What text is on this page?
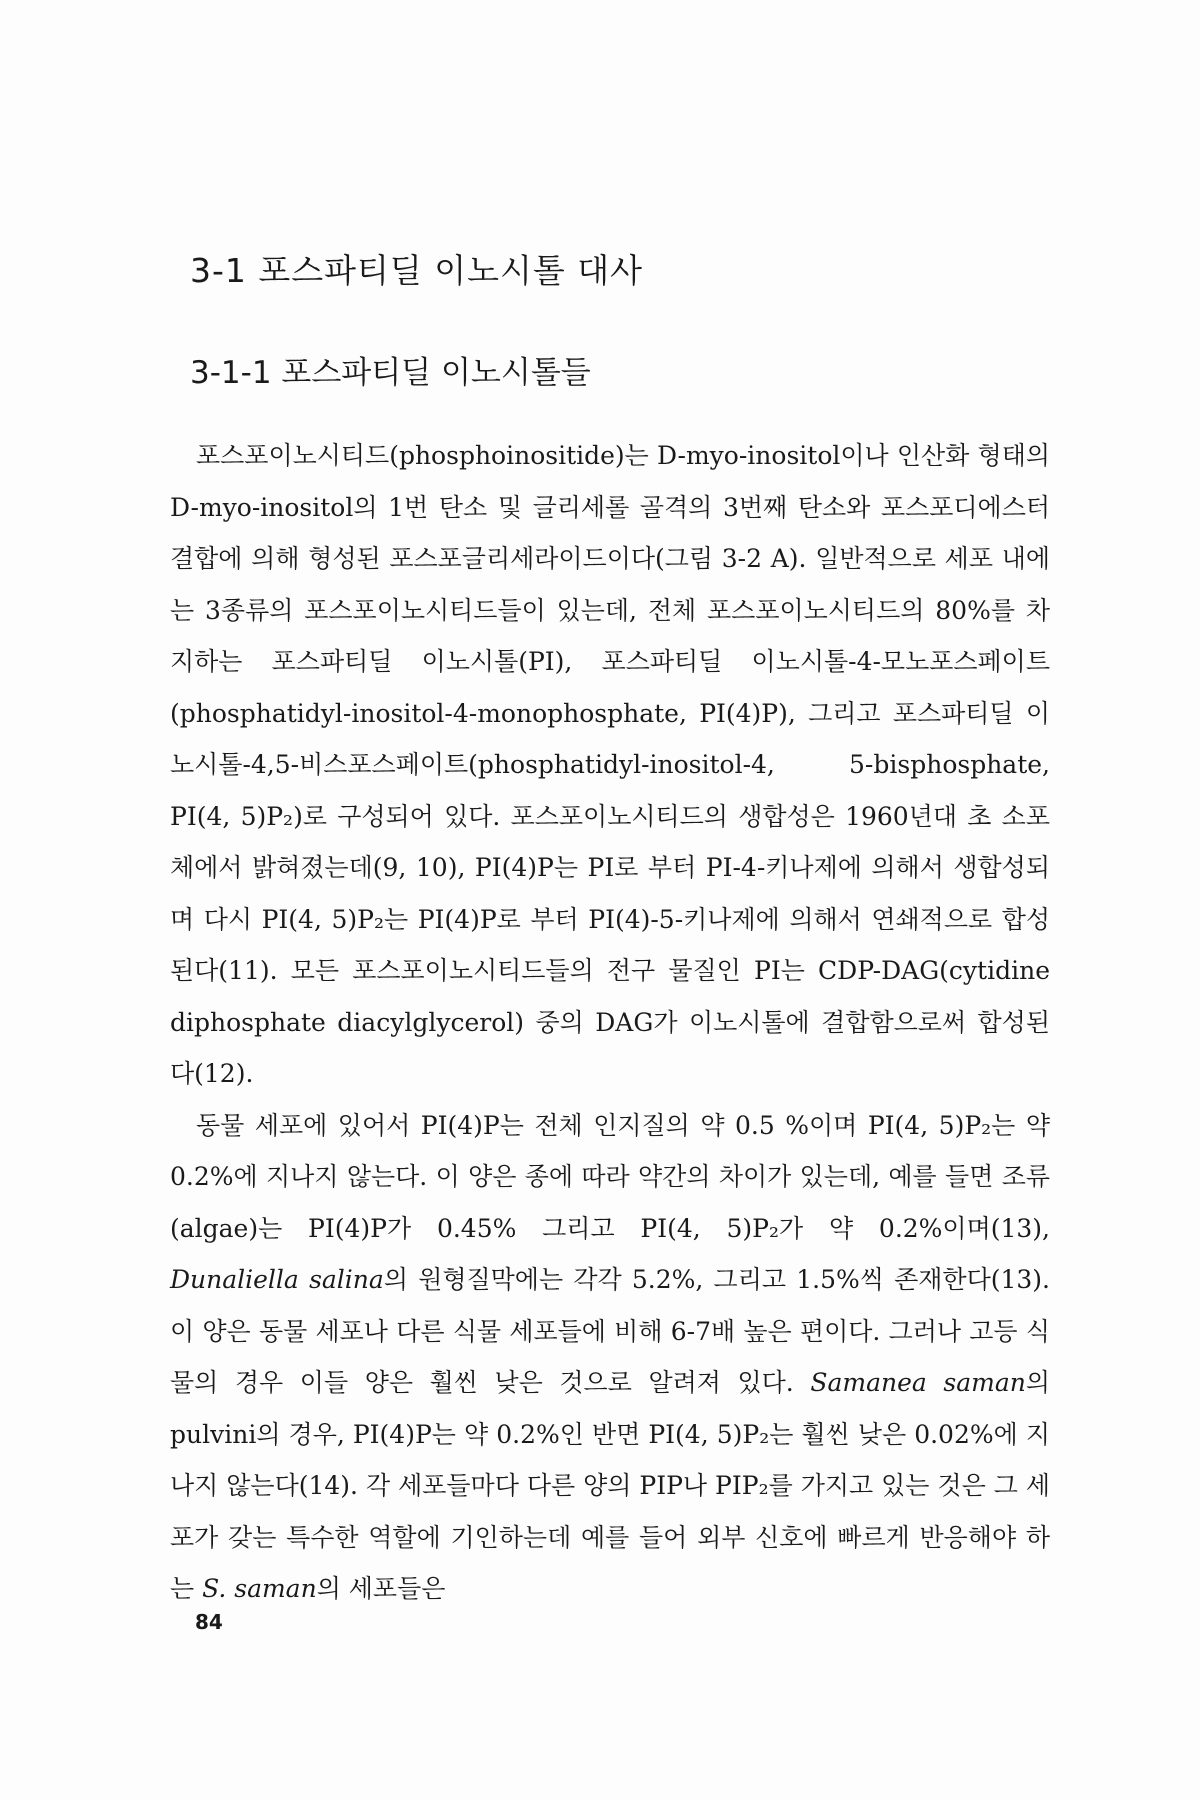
3-1 포스파티딜 이노시톨 대사
3-1-1 포스파티딜 이노시톨들

포스포이노시티드(phosphoinositide)는 D-myo-inositol이나 인산화 형태의 D-myo-inositol의 1번 탄소 및 글리세롤 골격의 3번째 탄소와 포스포디에스터 결합에 의해 형성된 포스포글리세라이드이다(그림 3-2 A). 일반적으로 세포 내에는 3종류의 포스포이노시티드들이 있는데, 전체 포스포이노시티드의 80%를 차지하는 포스파티딜 이노시톨(PI), 포스파티딜 이노시톨-4-모노포스페이트(phosphatidyl-inositol-4-monophosphate, PI(4)P), 그리고 포스파티딜 이노시톨-4,5-비스포스페이트(phosphatidyl-inositol-4, 5-bisphosphate, PI(4, 5)P₂)로 구성되어 있다. 포스포이노시티드의 생합성은 1960년대 초 소포체에서 밝혀졌는데(9, 10), PI(4)P는 PI로 부터 PI-4-키나제에 의해서 생합성되며 다시 PI(4, 5)P₂는 PI(4)P로 부터 PI(4)-5-키나제에 의해서 연쇄적으로 합성된다(11). 모든 포스포이노시티드들의 전구 물질인 PI는 CDP-DAG(cytidine diphosphate diacylglycerol) 중의 DAG가 이노시톨에 결합함으로써 합성된다(12).

동물 세포에 있어서 PI(4)P는 전체 인지질의 약 0.5 %이며 PI(4, 5)P₂는 약 0.2%에 지나지 않는다. 이 양은 종에 따라 약간의 차이가 있는데, 예를 들면 조류(algae)는 PI(4)P가 0.45% 그리고 PI(4, 5)P₂가 약 0.2%이며(13), Dunaliella salina의 원형질막에는 각각 5.2%, 그리고 1.5%씩 존재한다(13). 이 양은 동물 세포나 다른 식물 세포들에 비해 6-7배 높은 편이다. 그러나 고등 식물의 경우 이들 양은 훨씬 낮은 것으로 알려져 있다. Samanea saman의 pulvini의 경우, PI(4)P는 약 0.2%인 반면 PI(4, 5)P₂는 훨씬 낮은 0.02%에 지나지 않는다(14). 각 세포들마다 다른 양의 PIP나 PIP₂를 가지고 있는 것은 그 세포가 갖는 특수한 역할에 기인하는데 예를 들어 외부 신호에 빠르게 반응해야 하는 S. saman의 세포들은

84
